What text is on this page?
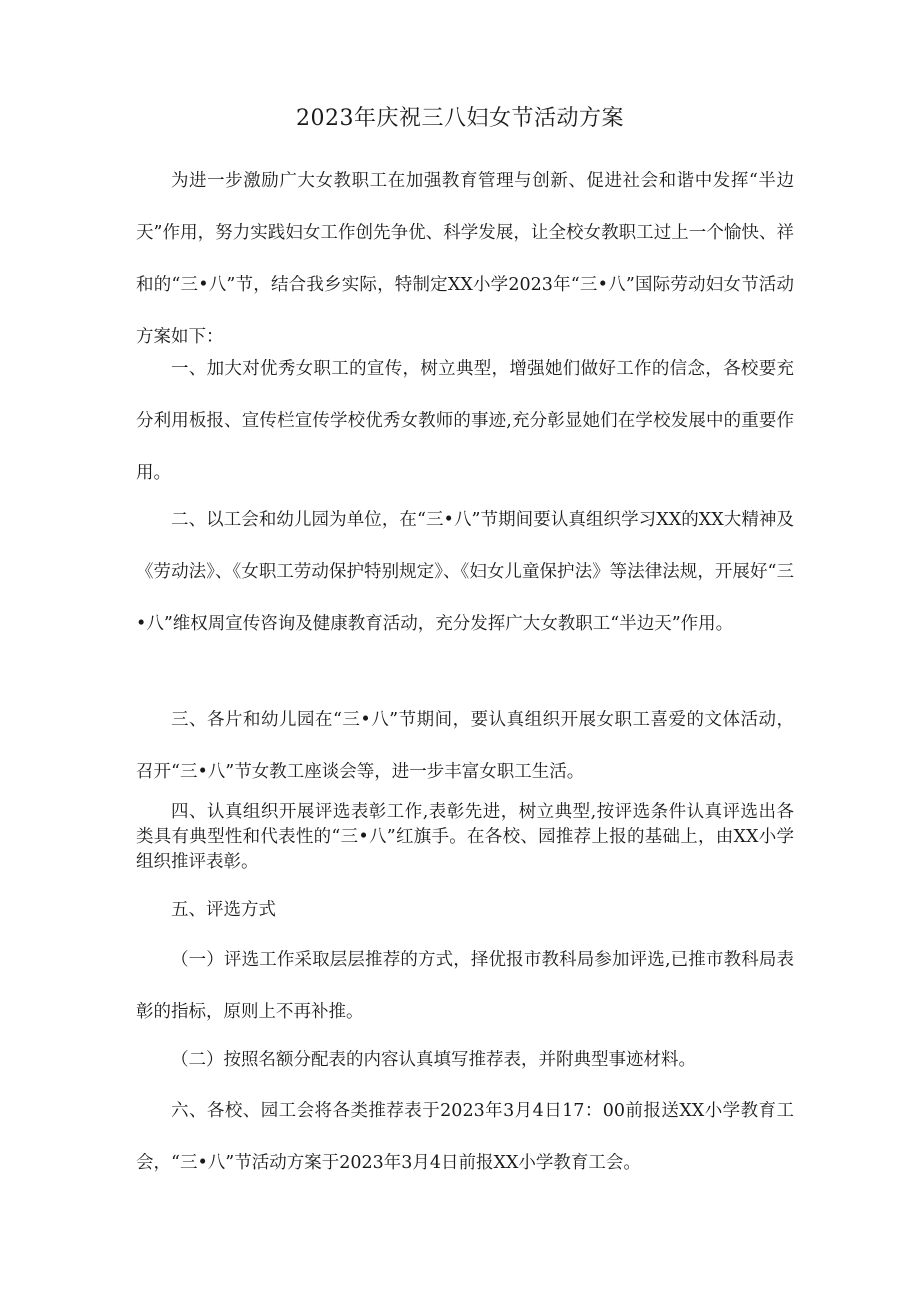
2023年庆祝三八妇女节活动方案

为进一步激励广大女教职工在加强教育管理与创新、促进社会和谐中发挥“半边天”作用，努力实践妇女工作创先争优、科学发展，让全校女教职工过上一个愉快、祥和的“三•八”节，结合我乡实际，特制定XX小学2023年“三•八”国际劳动妇女节活动方案如下：

一、加大对优秀女职工的宣传，树立典型，增强她们做好工作的信念，各校要充分利用板报、宣传栏宣传学校优秀女教师的事迹,充分彰显她们在学校发展中的重要作用。

二、以工会和幼儿园为单位，在“三•八”节期间要认真组织学习XX的XX大精神及《劳动法》、《女职工劳动保护特别规定》、《妇女儿童保护法》等法律法规，开展好“三•八”维权周宣传咨询及健康教育活动，充分发挥广大女教职工“半边天”作用。

三、各片和幼儿园在“三•八”节期间，要认真组织开展女职工喜爱的文体活动，召开“三•八”节女教工座谈会等，进一步丰富女职工生活。

四、认真组织开展评选表彰工作,表彰先进，树立典型,按评选条件认真评选出各类具有典型性和代表性的“三•八”红旗手。在各校、园推荐上报的基础上，由XX小学组织推评表彰。

五、评选方式

（一）评选工作采取层层推荐的方式，择优报市教科局参加评选,已推市教科局表彰的指标，原则上不再补推。

（二）按照名额分配表的内容认真填写推荐表，并附典型事迹材料。

六、各校、园工会将各类推荐表于2023年3月4日17：00前报送XX小学教育工会，“三•八”节活动方案于2023年3月4日前报XX小学教育工会。
